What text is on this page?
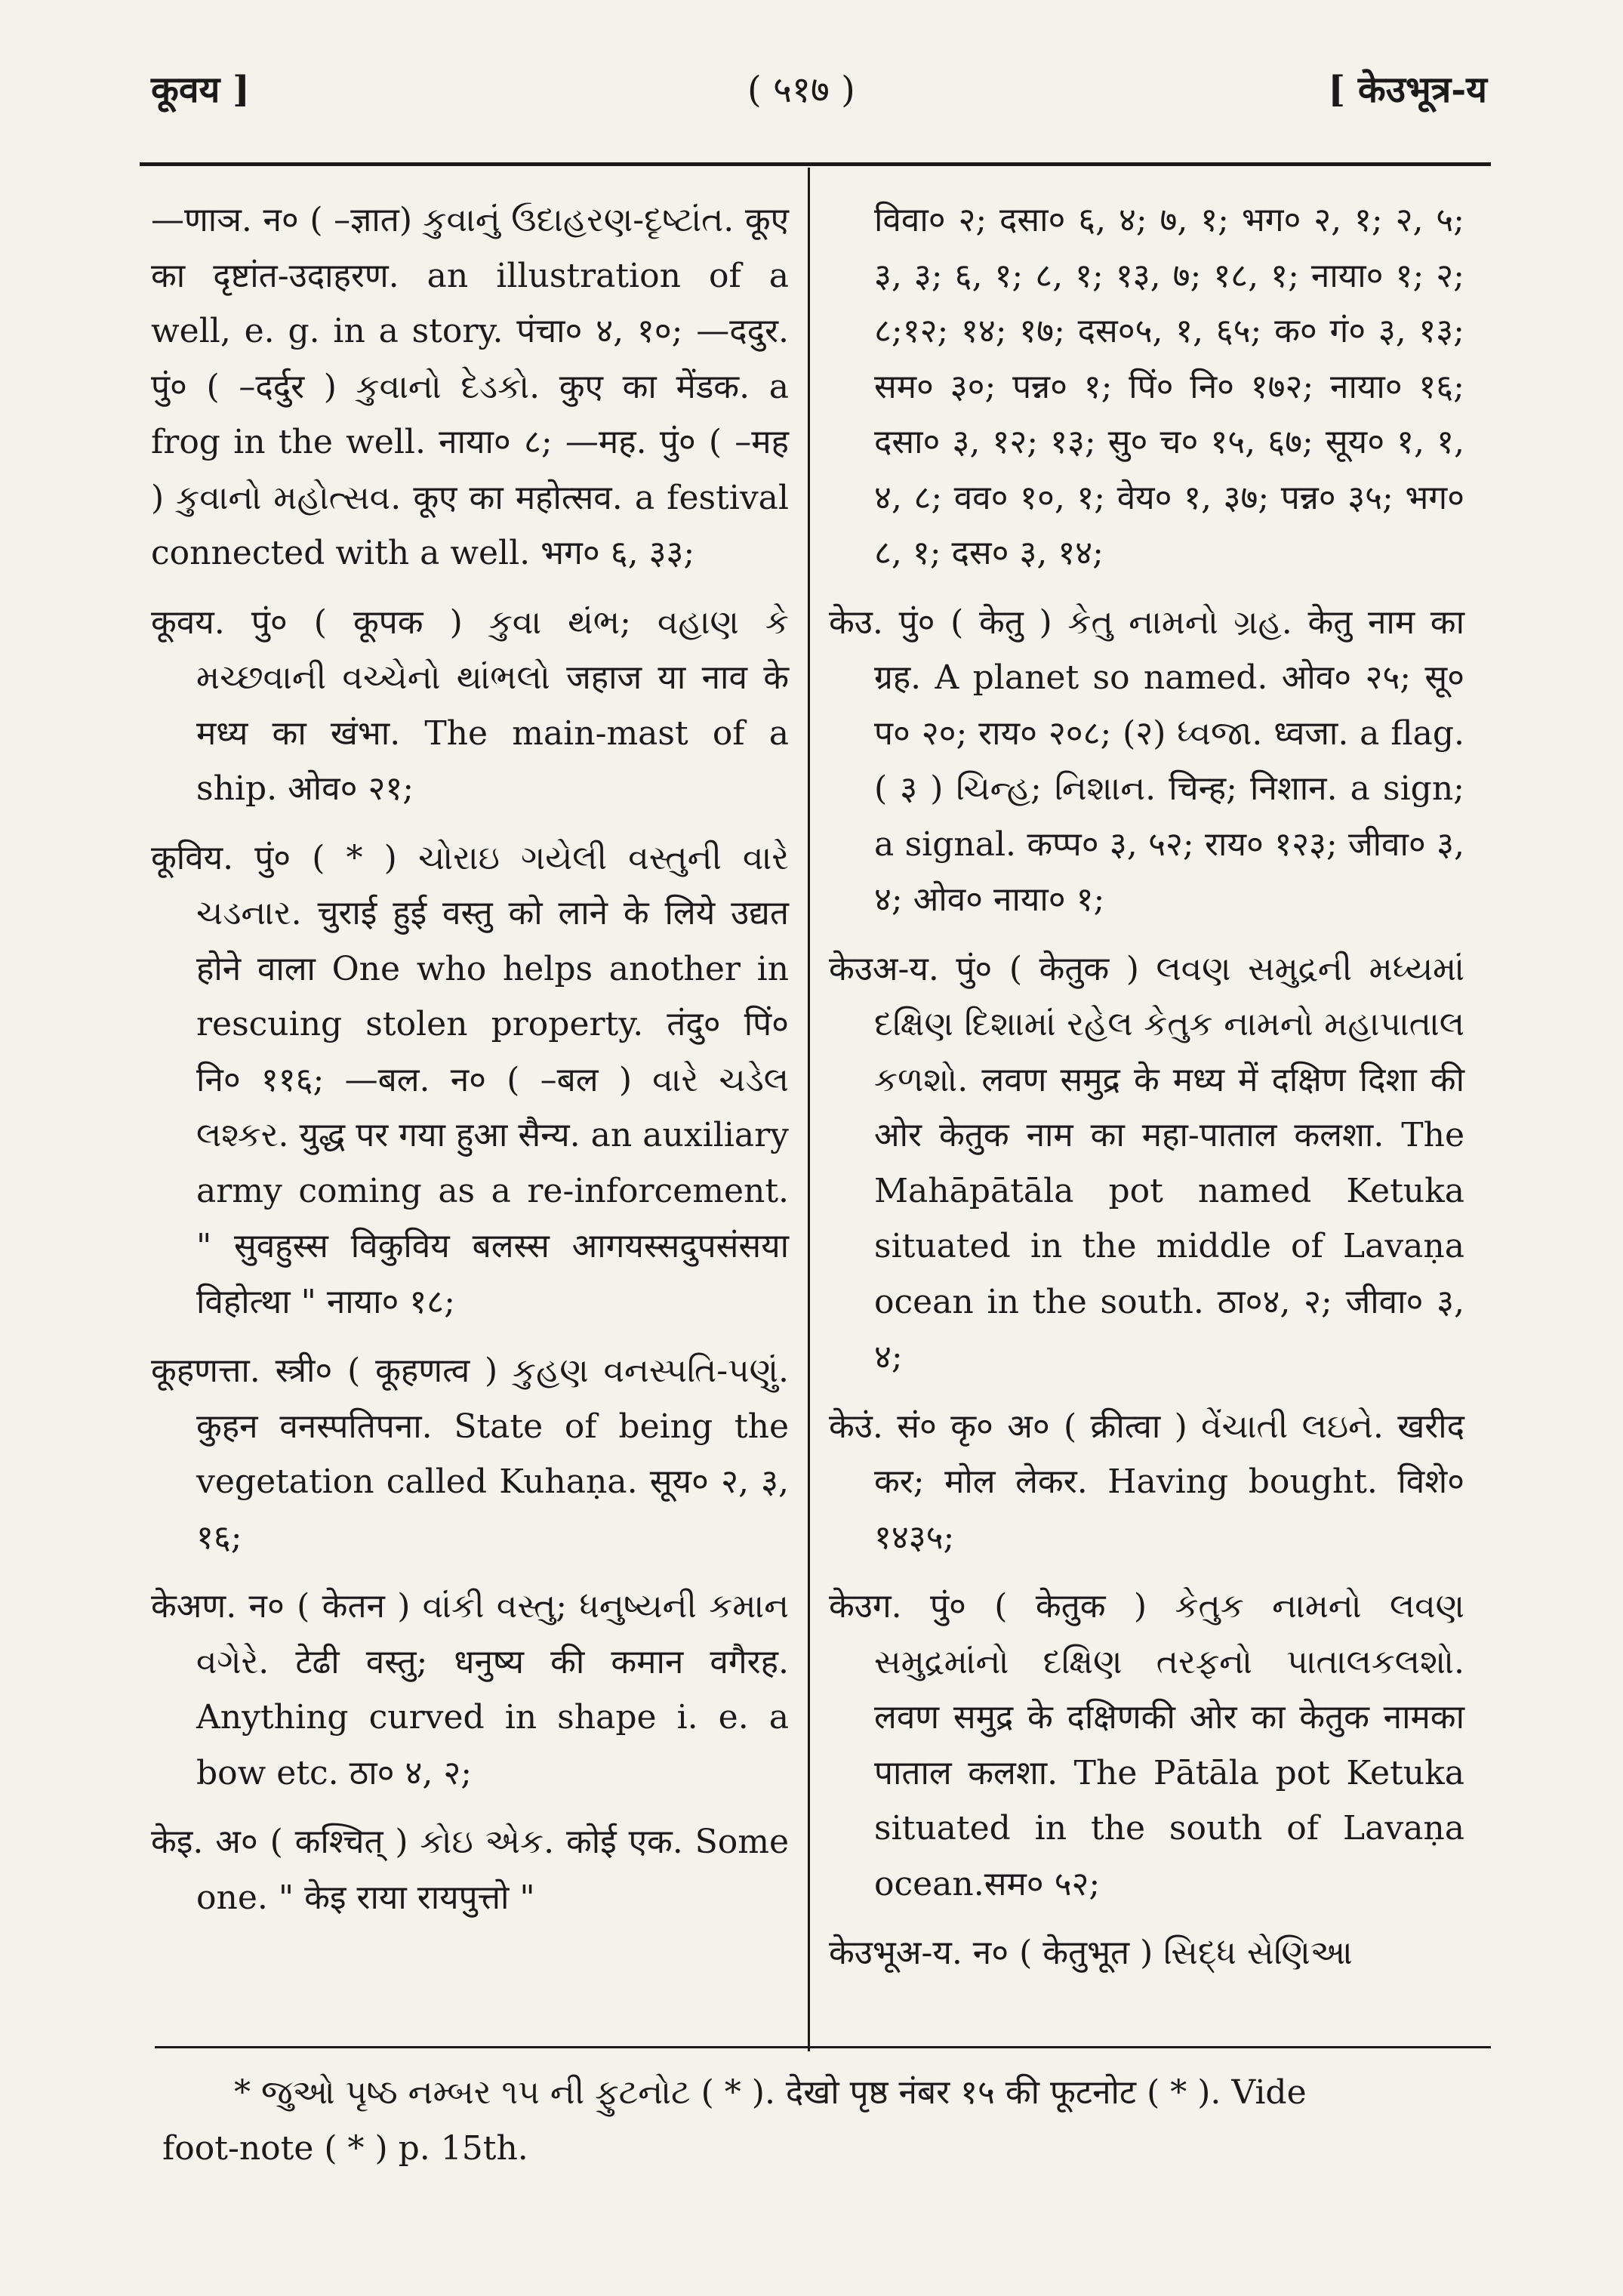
कूवय ]	( ५१७ )	[ केउभूत्र-य

—णाञ. न० ( –ज्ञात) કુવાનું ઉદાહરણ-દૃષ્ટાંત. कूए का दृष्टांत-उदाहरण. an illustration of a well, e. g. in a story. पंचा० ४, १०; —ददुर. पुं० ( –दर्दुर ) કુવાનો દેડકો. कुए का मेंडक. a frog in the well. नाया० ८; —मह. पुं० ( –मह ) કુવાનો મહોત્સવ. कूए का महोत्सव. a festival connected with a well. भग० ६, ३३;

कूवय. पुं० ( कूपक ) કુવા થંભ; વહાણ કે મચ્છવાની વચ્ચેનો થાંભલો जहाज या नाव के मध्य का खंभा. The main-mast of a ship. ओव० २१;

कूविय. पुं० ( * ) ચોરાઇ ગયેલી વસ્તુની વારે ચડનાર. चुराई हुई वस्तु को लाने के लिये उद्यत होने वाला One who helps another in rescuing stolen property. तंदु० पिं० नि० ११६; —बल. न० ( –बल ) વારે ચડેલ લશ્કર. युद्ध पर गया हुआ सैन्य. an auxiliary army coming as a re-inforcement. " सुवहुस्स विकुविय बलस्स आगयस्सदुपसंसया विहोत्था " नाया० १८;

कूहणत्ता. स्त्री० ( कूहणत्व ) કુહણ વનસ્પતિ-પણું. कुहन वनस्पतिपना. State of being the vegetation called Kuhaṇa. सूय० २, ३, १६;

केअण. न० ( केतन ) વાંકી વસ્તુ; ધનુષ્યની કમાન વગેરે. टेढी वस्तु; धनुष्य की कमान वगैरह. Anything curved in shape i. e. a bow etc. ठा० ४, २;

केइ. अ० ( कश्चित् ) કોઇ એક. कोई एक. Some one. " केइ राया रायपुत्तो "

विवा० २; दसा० ६, ४; ७, १; भग० २, १; २, ५; ३, ३; ६, १; ८, १; १३, ७; १८, १; नाया० १; २; ८;१२; १४; १७; दस०५, १, ६५; क० गं० ३, १३; सम० ३०; पन्न० १; पिं० नि० १७२; नाया० १६; दसा० ३, १२; १३; सु० च० १५, ६७; सूय० १, १, ४, ८; वव० १०, १; वेय० १, ३७; पन्न० ३५; भग० ८, १; दस० ३, १४;

केउ. पुं० ( केतु ) કેતુ નામનો ગ્રહ. केतु नाम का ग्रह. A planet so named. ओव० २५; सू० प० २०; राय० २०८; (२) ધ્વજા. ध्वजा. a flag. ( ३ ) ચિન્હ; નિશાન. चिन्ह; निशान. a sign; a signal. कप्प० ३, ५२; राय० १२३; जीवा० ३, ४; ओव० नाया० १;

केउअ-य. पुं० ( केतुक ) લવણ સમુદ્રની મધ્યમાં દક્ષિણ દિશામાં રહેલ કેતુક નામનો મહાપાતાલ કળશો. लवण समुद्र के मध्य में दक्षिण दिशा की ओर केतुक नाम का महा-पाताल कलशा. The Mahāpātāla pot named Ketuka situated in the middle of Lavaṇa ocean in the south. ठा०४, २; जीवा० ३, ४;

केउं. सं० कृ० अ० ( क्रीत्वा ) વેંચાતી લઇને. खरीद कर; मोल लेकर. Having bought. विशे० १४३५;

केउग. पुं० ( केतुक ) કેતુક નામનો લવણ સમુદ્રમાંનો દક્ષિણ તરફનો પાતાલકલશો. लवण समुद्र के दक्षिणकी ओर का केतुक नामका पाताल कलशा. The Pātāla pot Ketuka situated in the south of Lavaṇa ocean.सम० ५२;

केउभूअ-य. न० ( केतुभूत ) સિદ્ધ સેણિઆ

* જુઓ પૃષ્ઠ નમ્બર ૧૫ ની ફુટનોટ ( * ). देखो पृष्ठ नंबर १५ की फूटनोट ( * ). Vide
foot-note ( * ) p. 15th.
